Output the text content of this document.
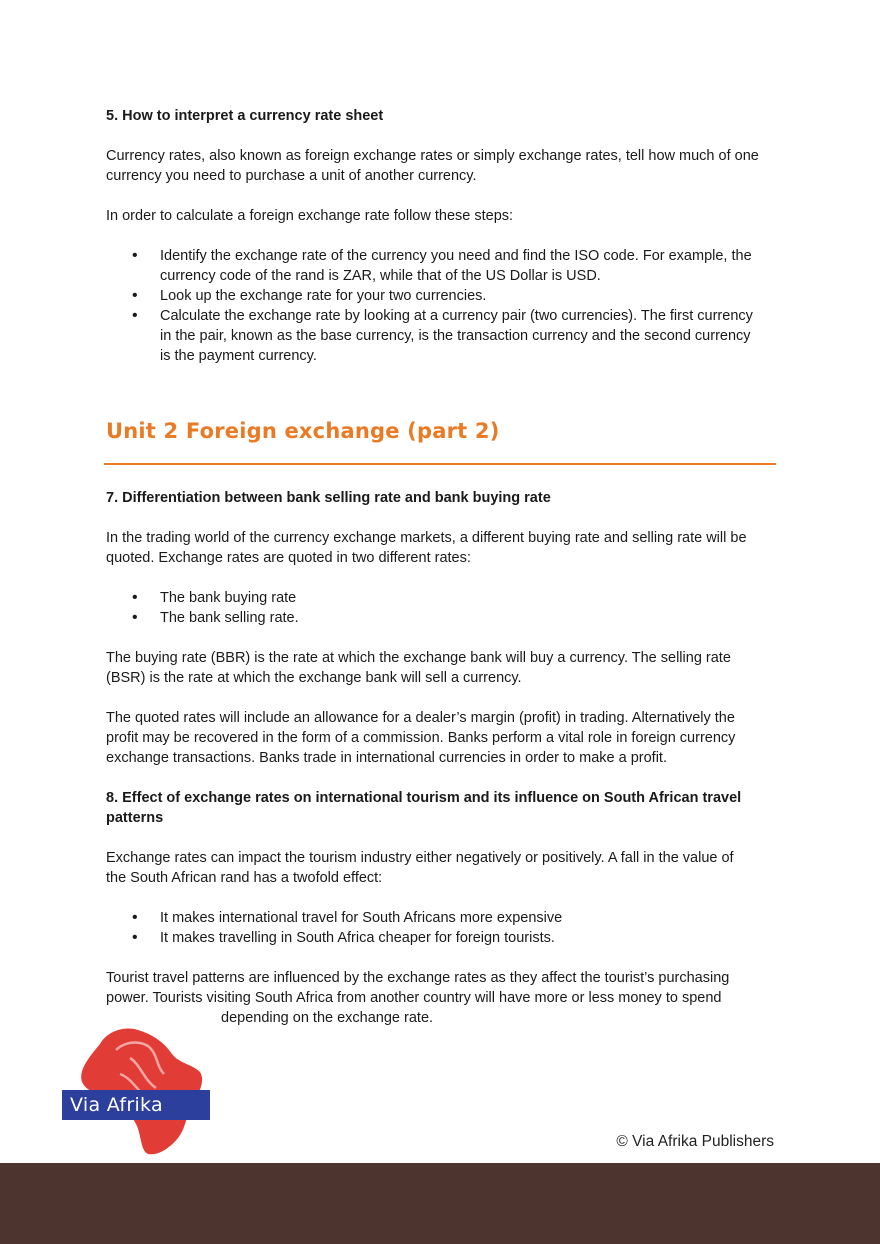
5. How to interpret a currency rate sheet

Currency rates, also known as foreign exchange rates or simply exchange rates, tell how much of one
currency you need to purchase a unit of another currency.

In order to calculate a foreign exchange rate follow these steps:

• Identify the exchange rate of the currency you need and find the ISO code. For example, the
currency code of the rand is ZAR, while that of the US Dollar is USD.
• Look up the exchange rate for your two currencies.
• Calculate the exchange rate by looking at a currency pair (two currencies). The first currency
in the pair, known as the base currency, is the transaction currency and the second currency
is the payment currency.
Unit 2 Foreign exchange (part 2)

7. Differentiation between bank selling rate and bank buying rate

In the trading world of the currency exchange markets, a different buying rate and selling rate will be
quoted. Exchange rates are quoted in two different rates:

• The bank buying rate
• The bank selling rate.

The buying rate (BBR) is the rate at which the exchange bank will buy a currency. The selling rate
(BSR) is the rate at which the exchange bank will sell a currency.

The quoted rates will include an allowance for a dealer’s margin (profit) in trading. Alternatively the
profit may be recovered in the form of a commission. Banks perform a vital role in foreign currency
exchange transactions. Banks trade in international currencies in order to make a profit.

8. Effect of exchange rates on international tourism and its influence on South African travel
patterns

Exchange rates can impact the tourism industry either negatively or positively. A fall in the value of
the South African rand has a twofold effect:

• It makes international travel for South Africans more expensive
• It makes travelling in South Africa cheaper for foreign tourists.

Tourist travel patterns are influenced by the exchange rates as they affect the tourist’s purchasing
power. Tourists visiting South Africa from another country will have more or less money to spend
depending on the exchange rate.

Via Afrika
© Via Afrika Publishers
